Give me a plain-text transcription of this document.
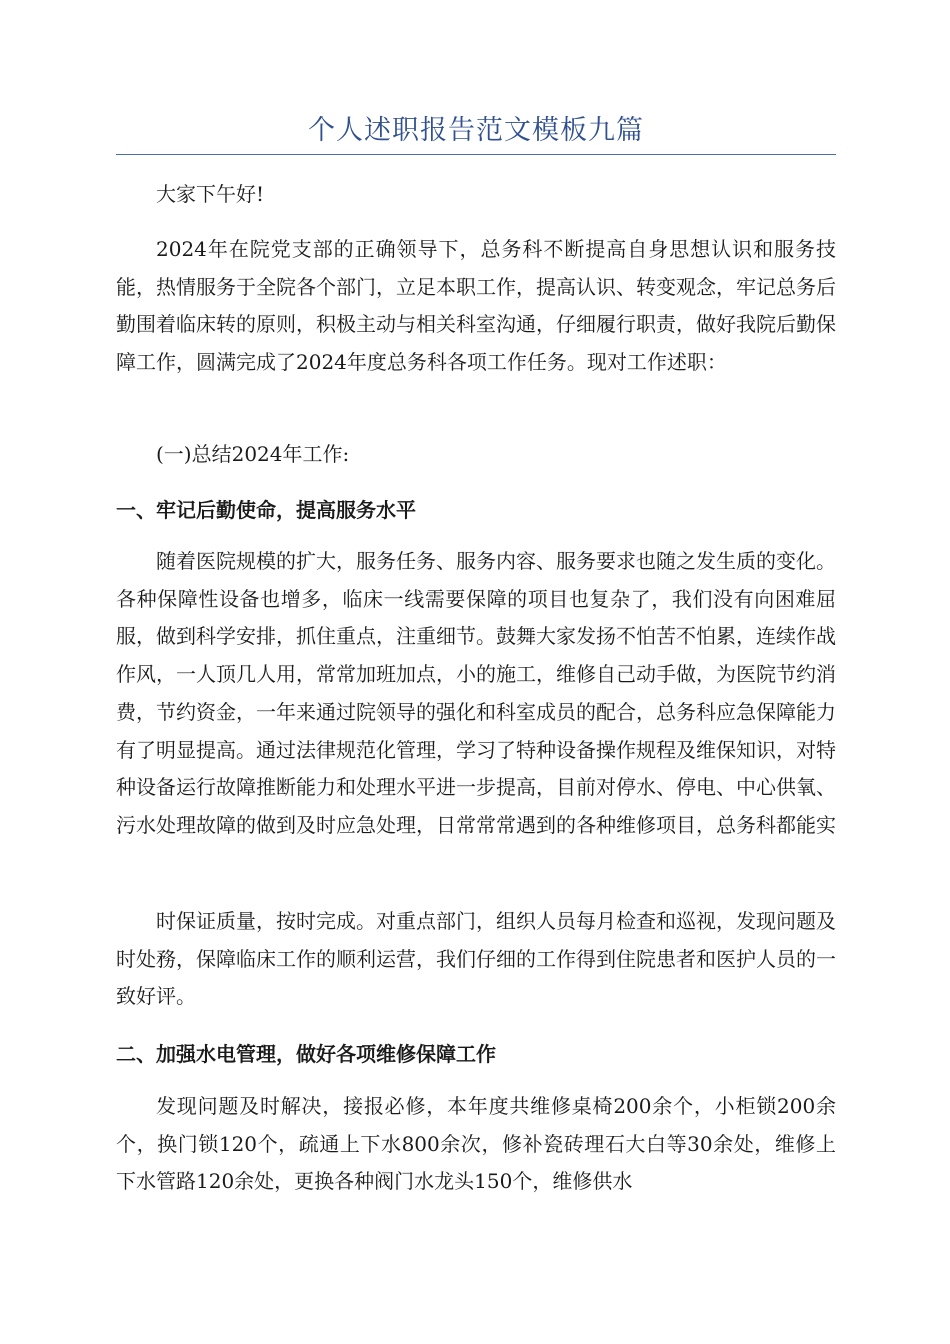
个人述职报告范文模板九篇

大家下午好!

2024年在院党支部的正确领导下，总务科不断提高自身思想认识和服务技能，热情服务于全院各个部门，立足本职工作，提高认识、转变观念，牢记总务后勤围着临床转的原则，积极主动与相关科室沟通，仔细履行职责，做好我院后勤保障工作，圆满完成了2024年度总务科各项工作任务。现对工作述职：

(一)总结2024年工作:

一、牢记后勤使命，提高服务水平

随着医院规模的扩大，服务任务、服务内容、服务要求也随之发生质的变化。各种保障性设备也增多，临床一线需要保障的项目也复杂了，我们没有向困难屈服，做到科学安排，抓住重点，注重细节。鼓舞大家发扬不怕苦不怕累，连续作战作风，一人顶几人用，常常加班加点，小的施工，维修自己动手做，为医院节约消费，节约资金，一年来通过院领导的强化和科室成员的配合，总务科应急保障能力有了明显提高。通过法律规范化管理，学习了特种设备操作规程及维保知识，对特种设备运行故障推断能力和处理水平进一步提高，目前对停水、停电、中心供氧、污水处理故障的做到及时应急处理，日常常常遇到的各种维修项目，总务科都能实

时保证质量，按时完成。对重点部门，组织人员每月检查和巡视，发现问题及时处務，保障临床工作的顺利运营，我们仔细的工作得到住院患者和医护人员的一致好评。

二、加强水电管理，做好各项维修保障工作

发现问题及时解决，接报必修，本年度共维修桌椅200余个，小柜锁200余个，换门锁120个，疏通上下水800余次，修补瓷砖理石大白等30余处，维修上下水管路120余处，更换各种阀门水龙头150个，维修供水
